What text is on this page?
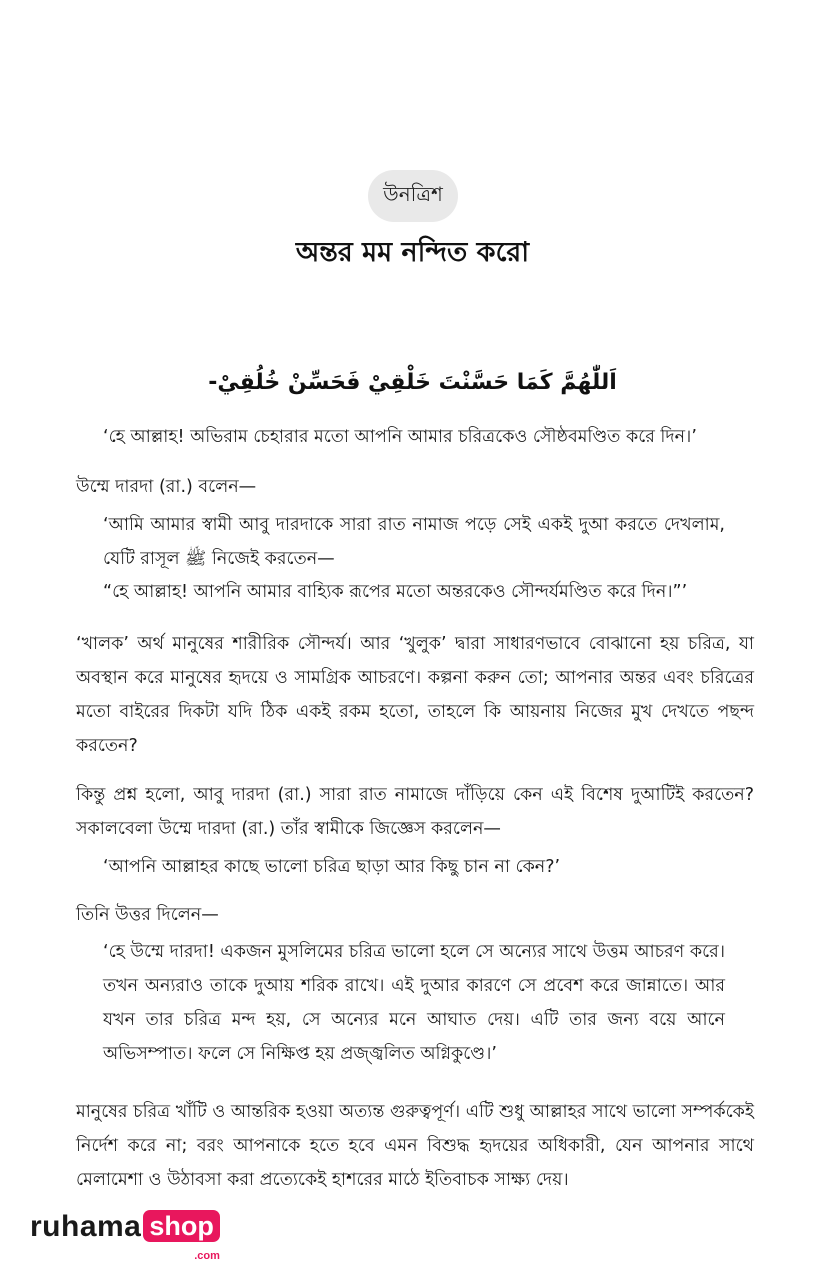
উনত্রিশ
অন্তর মম নন্দিত করো
اَللّٰهُمَّ كَمَا حَسَّنْتَ خَلْقِيْ فَحَسِّنْ خُلُقِيْ-
‘হে আল্লাহ! অভিরাম চেহারার মতো আপনি আমার চরিত্রকেও সৌষ্ঠবমণ্ডিত করে দিন।’
উম্মে দারদা (রা.) বলেন—
‘আমি আমার স্বামী আবু দারদাকে সারা রাত নামাজ পড়ে সেই একই দুআ করতে দেখলাম, যেটি রাসূল ﷺ নিজেই করতেন—
“হে আল্লাহ! আপনি আমার বাহ্যিক রূপের মতো অন্তরকেও সৌন্দর্যমণ্ডিত করে দিন।”’
‘খালক’ অর্থ মানুষের শারীরিক সৌন্দর্য। আর ‘খুলুক’ দ্বারা সাধারণভাবে বোঝানো হয় চরিত্র, যা অবস্থান করে মানুষের হৃদয়ে ও সামগ্রিক আচরণে। কল্পনা করুন তো; আপনার অন্তর এবং চরিত্রের মতো বাইরের দিকটা যদি ঠিক একই রকম হতো, তাহলে কি আয়নায় নিজের মুখ দেখতে পছন্দ করতেন?
কিন্তু প্রশ্ন হলো, আবু দারদা (রা.) সারা রাত নামাজে দাঁড়িয়ে কেন এই বিশেষ দুআটিই করতেন? সকালবেলা উম্মে দারদা (রা.) তাঁর স্বামীকে জিজ্ঞেস করলেন—
‘আপনি আল্লাহর কাছে ভালো চরিত্র ছাড়া আর কিছু চান না কেন?’
তিনি উত্তর দিলেন—
‘হে উম্মে দারদা! একজন মুসলিমের চরিত্র ভালো হলে সে অন্যের সাথে উত্তম আচরণ করে। তখন অন্যরাও তাকে দুআয় শরিক রাখে। এই দুআর কারণে সে প্রবেশ করে জান্নাতে। আর যখন তার চরিত্র মন্দ হয়, সে অন্যের মনে আঘাত দেয়। এটি তার জন্য বয়ে আনে অভিসম্পাত। ফলে সে নিক্ষিপ্ত হয় প্রজ্জ্বলিত অগ্নিকুণ্ডে।’
মানুষের চরিত্র খাঁটি ও আন্তরিক হওয়া অত্যন্ত গুরুত্বপূর্ণ। এটি শুধু আল্লাহর সাথে ভালো সম্পর্ককেই নির্দেশ করে না; বরং আপনাকে হতে হবে এমন বিশুদ্ধ হৃদয়ের অধিকারী, যেন আপনার সাথে মেলামেশা ও উঠাবসা করা প্রত্যেকেই হাশরের মাঠে ইতিবাচক সাক্ষ্য দেয়।
ruhama shop
.com
